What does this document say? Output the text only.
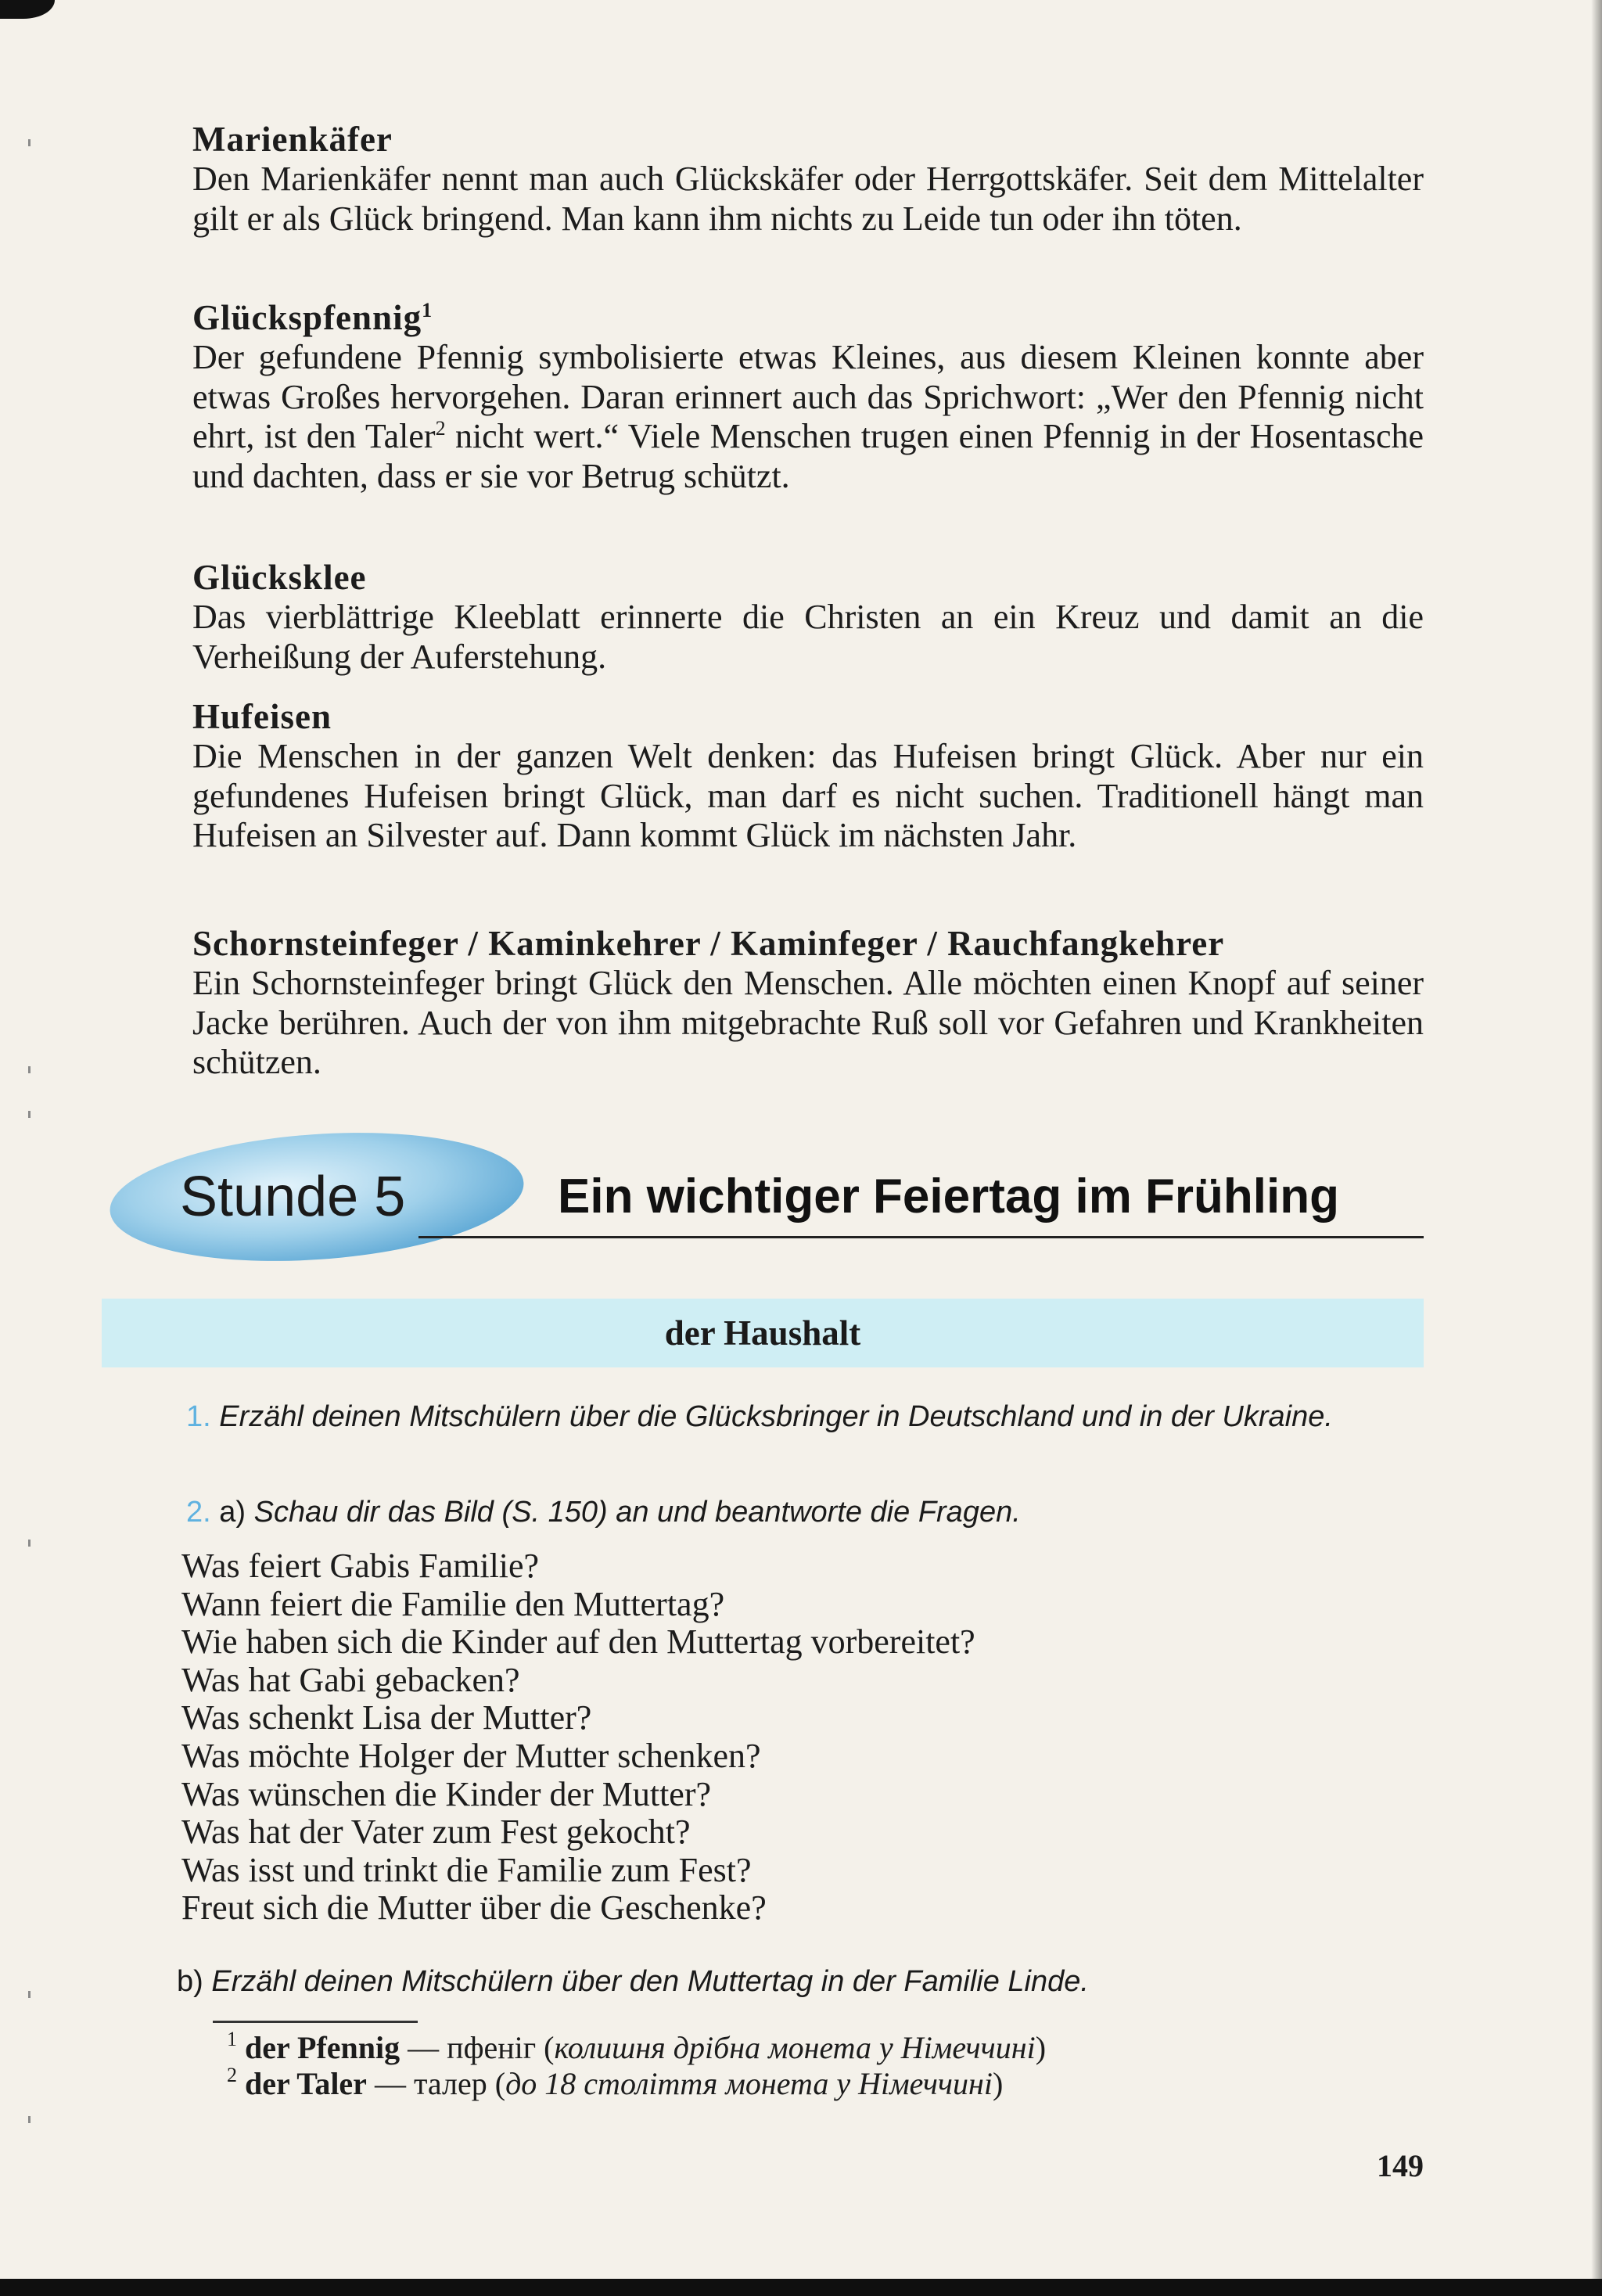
Marienkäfer

Den Marienkäfer nennt man auch Glückskäfer oder Herrgottskäfer. Seit dem Mittelalter gilt er als Glück bringend. Man kann ihm nichts zu Leide tun oder ihn töten.

Glückspfennig$^1$

Der gefundene Pfennig symbolisierte etwas Kleines, aus diesem Kleinen konnte aber etwas Großes hervorgehen. Daran erinnert auch das Sprichwort: „Wer den Pfennig nicht ehrt, ist den Taler$^2$ nicht wert.“ Viele Menschen trugen einen Pfennig in der Hosentasche und dachten, dass er sie vor Betrug schützt.

Glücksklee

Das vierblättrige Kleeblatt erinnerte die Christen an ein Kreuz und damit an die Verheißung der Auferstehung.

Hufeisen

Die Menschen in der ganzen Welt denken: das Hufeisen bringt Glück. Aber nur ein gefundenes Hufeisen bringt Glück, man darf es nicht suchen. Traditionell hängt man Hufeisen an Silvester auf. Dann kommt Glück im nächsten Jahr.

Schornsteinfeger / Kaminkehrer / Kaminfeger / Rauchfangkehrer

Ein Schornsteinfeger bringt Glück den Menschen. Alle möchten einen Knopf auf seiner Jacke berühren. Auch der von ihm mitgebrachte Ruß soll vor Gefahren und Krankheiten schützen.

Stunde 5	Ein wichtiger Feiertag im Frühling
der Haushalt
1. Erzähl deinen Mitschülern über die Glücksbringer in Deutschland und in der Ukraine.
2. a) Schau dir das Bild (S. 150) an und beantworte die Fragen.

Was feiert Gabis Familie?

Wann feiert die Familie den Muttertag?

Wie haben sich die Kinder auf den Muttertag vorbereitet?

Was hat Gabi gebacken?

Was schenkt Lisa der Mutter?

Was möchte Holger der Mutter schenken?

Was wünschen die Kinder der Mutter?

Was hat der Vater zum Fest gekocht?

Was isst und trinkt die Familie zum Fest?

Freut sich die Mutter über die Geschenke?

b) Erzähl deinen Mitschülern über den Muttertag in der Familie Linde.

$^1$ der Pfennig — пфеніг (колишня дрібна монета у Німеччині)

$^2$ der Taler — талер (до 18 століття монета у Німеччині)

149
